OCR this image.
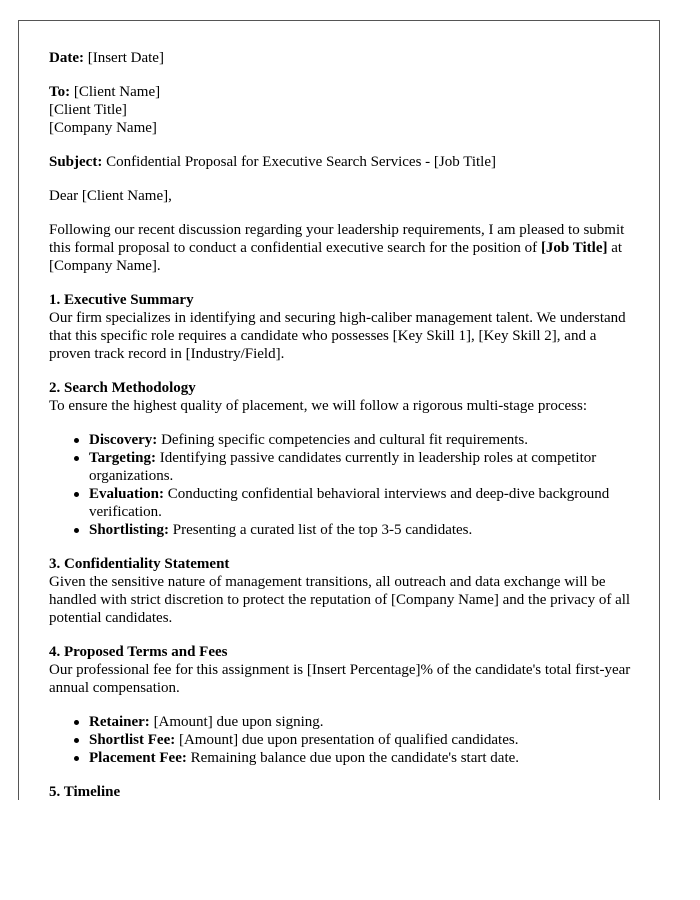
Date: [Insert Date]

To: [Client Name]
[Client Title]
[Company Name]

Subject: Confidential Proposal for Executive Search Services - [Job Title]

Dear [Client Name],

Following our recent discussion regarding your leadership requirements, I am pleased to submit this formal proposal to conduct a confidential executive search for the position of [Job Title] at [Company Name].

1. Executive Summary
Our firm specializes in identifying and securing high-caliber management talent. We understand that this specific role requires a candidate who possesses [Key Skill 1], [Key Skill 2], and a proven track record in [Industry/Field].
2. Search Methodology
To ensure the highest quality of placement, we will follow a rigorous multi-stage process:
Discovery: Defining specific competencies and cultural fit requirements.
Targeting: Identifying passive candidates currently in leadership roles at competitor organizations.
Evaluation: Conducting confidential behavioral interviews and deep-dive background verification.
Shortlisting: Presenting a curated list of the top 3-5 candidates.
3. Confidentiality Statement
Given the sensitive nature of management transitions, all outreach and data exchange will be handled with strict discretion to protect the reputation of [Company Name] and the privacy of all potential candidates.
4. Proposed Terms and Fees
Our professional fee for this assignment is [Insert Percentage]% of the candidate's total first-year annual compensation.
Retainer: [Amount] due upon signing.
Shortlist Fee: [Amount] due upon presentation of qualified candidates.
Placement Fee: Remaining balance due upon the candidate's start date.
5. Timeline
